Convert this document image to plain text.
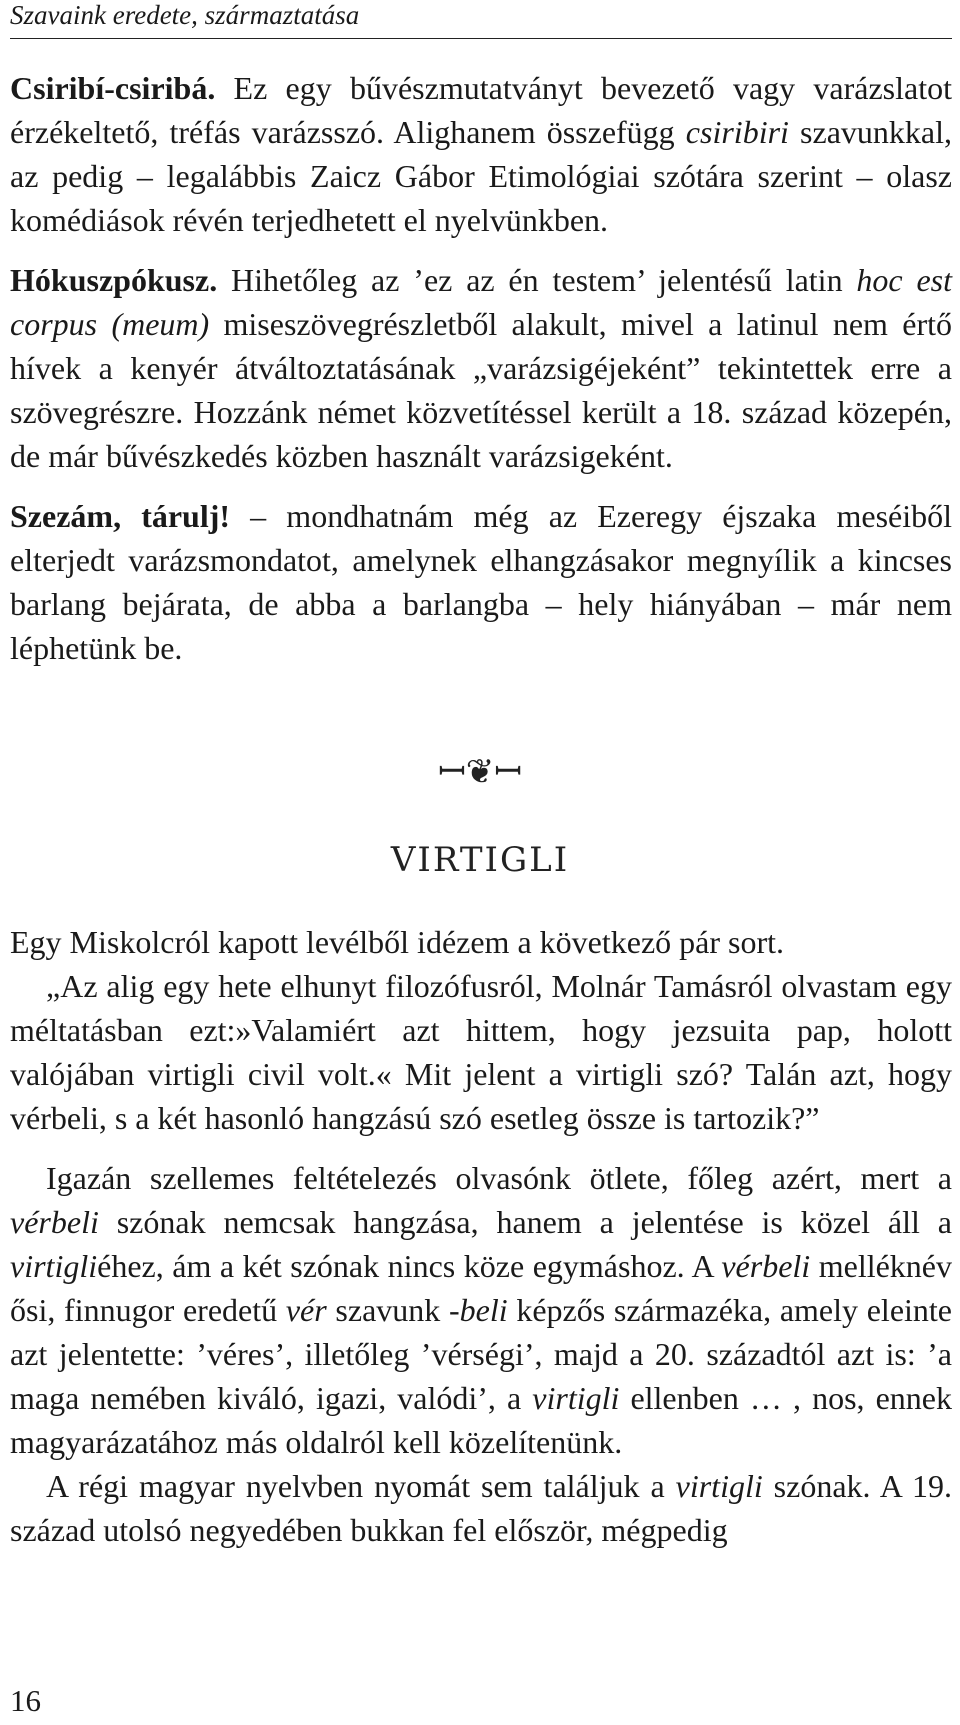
Szavaink eredete, származtatása

Csiribí-csiribá. Ez egy bűvészmutatványt bevezető vagy varázslatot érzékeltető, tréfás varázsszó. Alighanem összefügg csiribiri szavunkkal, az pedig – legalábbis Zaicz Gábor Etimológiai szótára szerint – olasz komédiások révén terjedhetett el nyelvünkben.

Hókuszpókusz. Hihetőleg az ’ez az én testem’ jelentésű latin hoc est corpus (meum) miseszövegrészletből alakult, mivel a latinul nem értő hívek a kenyér átváltoztatásának „varázsigéjeként” tekintettek erre a szövegrészre. Hozzánk német közvetítéssel került a 18. század közepén, de már bűvészkedés közben használt varázsigeként.

Szezám, tárulj! – mondhatnám még az Ezeregy éjszaka meséiből elterjedt varázsmondatot, amelynek elhangzásakor megnyílik a kincses barlang bejárata, de abba a barlangba – hely hiányában – már nem léphetünk be.

ꟷ❦ꟷ
VIRTIGLI

Egy Miskolcról kapott levélből idézem a következő pár sort.

„Az alig egy hete elhunyt filozófusról, Molnár Tamásról olvastam egy méltatásban ezt:»Valamiért azt hittem, hogy jezsuita pap, holott valójában virtigli civil volt.« Mit jelent a virtigli szó? Talán azt, hogy vérbeli, s a két hasonló hangzású szó esetleg össze is tartozik?”

Igazán szellemes feltételezés olvasónk ötlete, főleg azért, mert a vérbeli szónak nemcsak hangzása, hanem a jelentése is közel áll a virtigliéhez, ám a két szónak nincs köze egymáshoz. A vérbeli melléknév ősi, finnugor eredetű vér szavunk -beli képzős származéka, amely eleinte azt jelentette: ’véres’, illetőleg ’vérségi’, majd a 20. századtól azt is: ’a maga nemében kiváló, igazi, valódi’, a virtigli ellenben … , nos, ennek magyarázatához más oldalról kell közelítenünk.

A régi magyar nyelvben nyomát sem találjuk a virtigli szónak. A 19. század utolsó negyedében bukkan fel először, mégpedig

16
